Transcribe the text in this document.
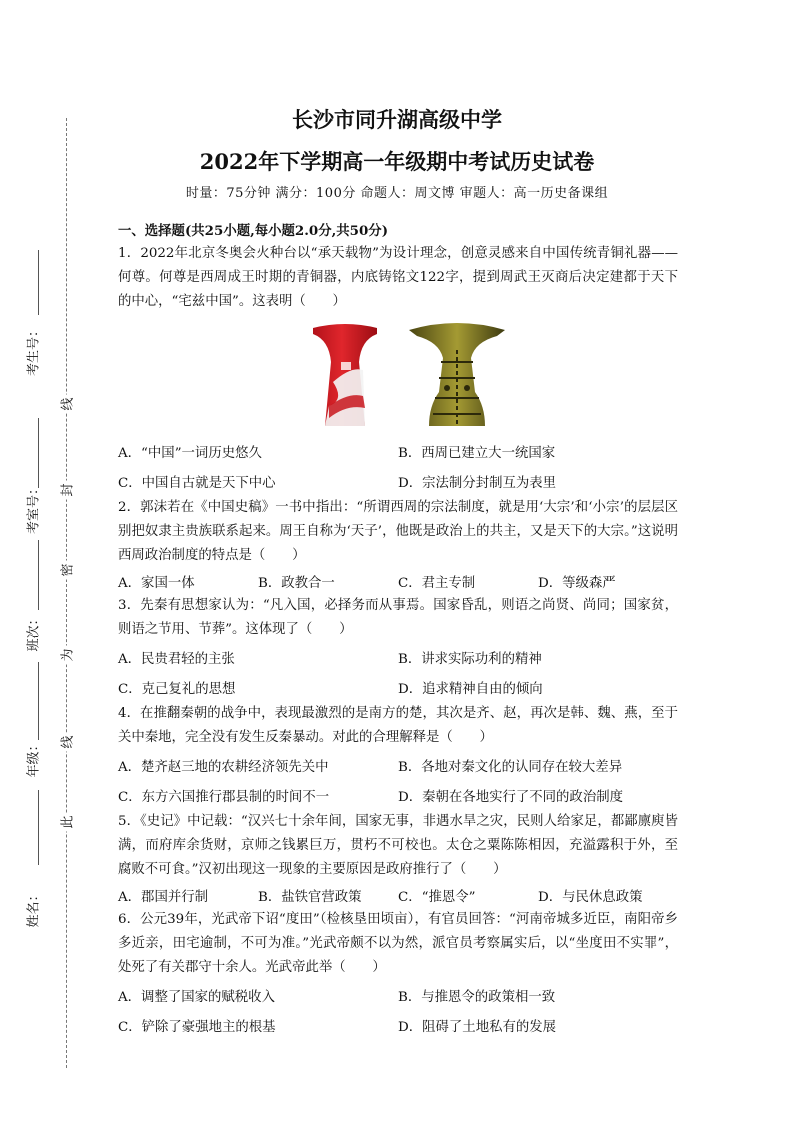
考生号：
考室号：
班次：
年级：
姓名：
线
封
密
为
线
此
长沙市同升湖高级中学
2022年下学期高一年级期中考试历史试卷
时量：75分钟 满分：100分 命题人：周文博 审题人：高一历史备课组
一、选择题(共25小题,每小题2.0分,共50分)

1．2022年北京冬奥会火种台以“承天载物”为设计理念，创意灵感来自中国传统青铜礼器——何尊。何尊是西周成王时期的青铜器，内底铸铭文122字，提到周武王灭商后决定建都于天下的中心，“宅兹中国”。这表明（　　）

A．“中国”一词历史悠久	B．西周已建立大一统国家
C．中国自古就是天下中心	D．宗法制分封制互为表里

2．郭沫若在《中国史稿》一书中指出：“所谓西周的宗法制度，就是用‘大宗’和‘小宗’的层层区别把奴隶主贵族联系起来。周王自称为‘天子’，他既是政治上的共主，又是天下的大宗。”这说明西周政治制度的特点是（　　）

A．家国一体	B．政教合一	C．君主专制	D．等级森严

3．先秦有思想家认为：“凡入国，必择务而从事焉。国家昏乱，则语之尚贤、尚同；国家贫，则语之节用、节葬”。这体现了（　　）

A．民贵君轻的主张	B．讲求实际功利的精神
C．克己复礼的思想	D．追求精神自由的倾向

4．在推翻秦朝的战争中，表现最激烈的是南方的楚，其次是齐、赵，再次是韩、魏、燕，至于关中秦地，完全没有发生反秦暴动。对此的合理解释是（　　）

A．楚齐赵三地的农耕经济领先关中	B．各地对秦文化的认同存在较大差异
C．东方六国推行郡县制的时间不一	D．秦朝在各地实行了不同的政治制度

5．《史记》中记载：“汉兴七十余年间，国家无事，非遇水旱之灾，民则人给家足，都鄙廪庾皆满，而府库余货财，京师之钱累巨万，贯朽不可校也。太仓之粟陈陈相因，充溢露积于外，至腐败不可食。”汉初出现这一现象的主要原因是政府推行了（　　）

A．郡国并行制	B．盐铁官营政策	C．“推恩令”	D．与民休息政策

6．公元39年，光武帝下诏“度田”（检核垦田顷亩），有官员回答：“河南帝城多近臣，南阳帝乡多近亲，田宅逾制，不可为准。”光武帝颇不以为然，派官员考察属实后，以“坐度田不实罪”，处死了有关郡守十余人。光武帝此举（　　）

A．调整了国家的赋税收入	B．与推恩令的政策相一致
C．铲除了豪强地主的根基	D．阻碍了土地私有的发展
